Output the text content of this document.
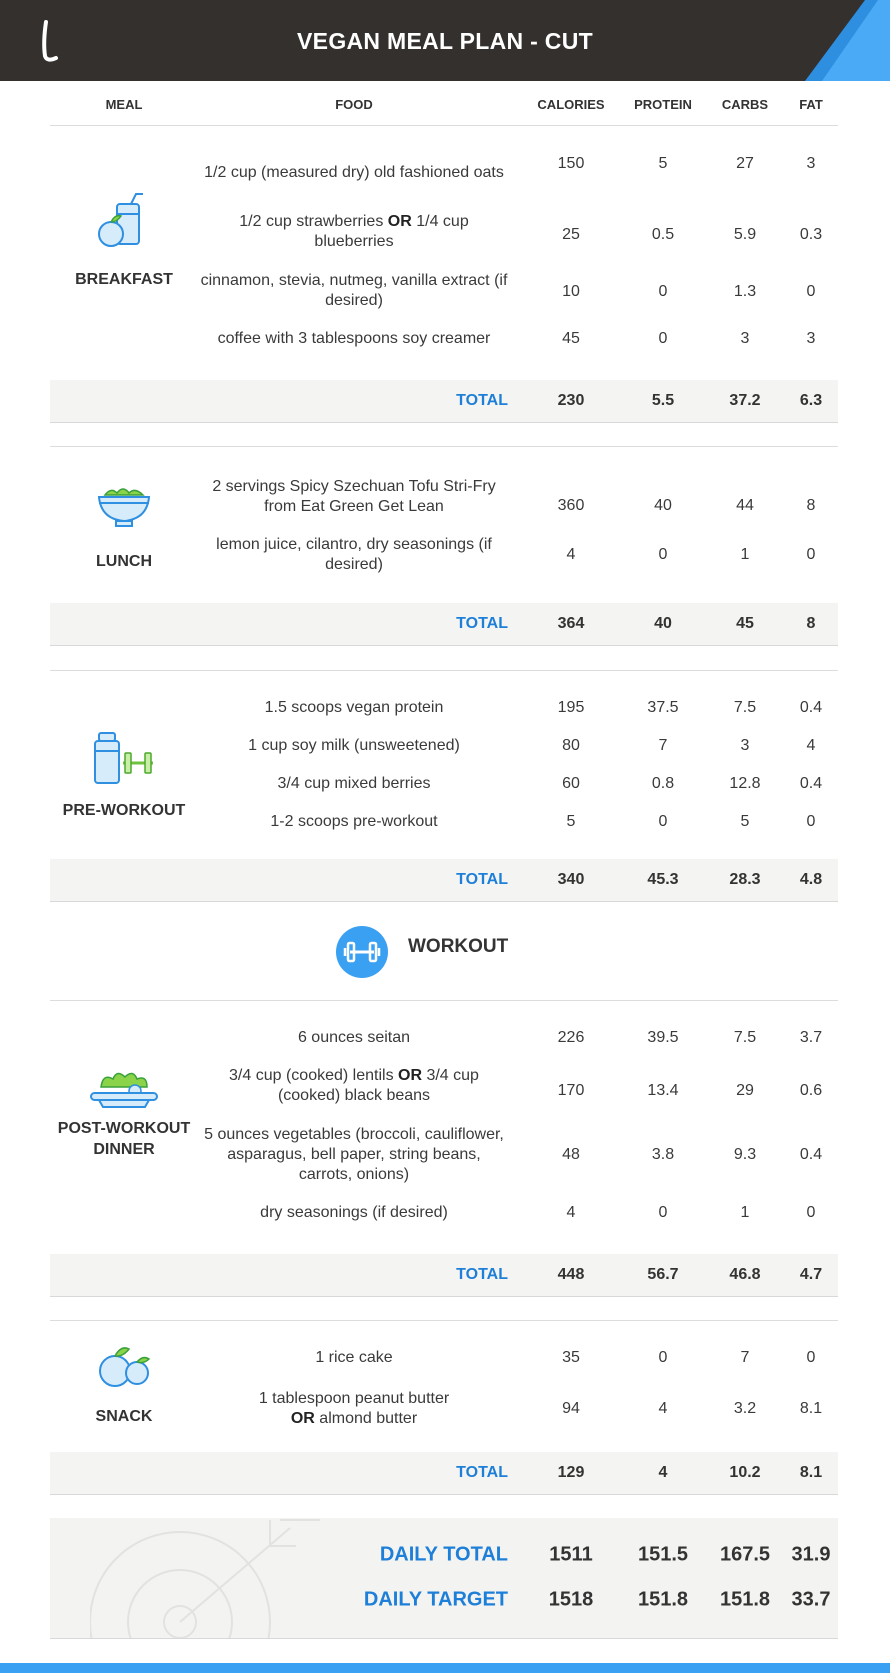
VEGAN MEAL PLAN - CUT
MEAL	FOOD	CALORIES PROTEIN CARBS FAT
BREAKFAST
1/2 cup (measured dry) old fashioned oats
150	5	27	3
1/2 cup strawberries OR 1/4 cup blueberries	25	0.5	5.9	0.3
cinnamon, stevia, nutmeg, vanilla extract (if desired)
10	0	1.3	0
coffee with 3 tablespoons soy creamer	45	0	3	3
TOTAL	230	5.5	37.2 6.3
LUNCH
2 servings Spicy Szechuan Tofu Stri-Fry from Eat Green Get Lean	360	40	44	8
lemon juice, cilantro, dry seasonings (if desired)
4	0	1	0
TOTAL	364	40	45	8
PRE-WORKOUT
1.5 scoops vegan protein	195	37.5	7.5	0.4
1 cup soy milk (unsweetened)	80	7	3	4
3/4 cup mixed berries	60	0.8	12.8 0.4
1-2 scoops pre-workout	5	0	5	0
TOTAL	340	45.3	28.3 4.8
WORKOUT
POST-WORKOUT
DINNER
6 ounces seitan	226	39.5	7.5	3.7
3/4 cup (cooked) lentils OR 3/4 cup (cooked) black beans	170	13.4	29	0.6
5 ounces vegetables (broccoli, cauliflower, asparagus, bell paper, string beans, carrots, onions)
48	3.8	9.3	0.4
dry seasonings (if desired)	4	0	1	0
TOTAL	448	56.7	46.8 4.7
SNACK
1 rice cake	35	0	7	0
1 tablespoon peanut butter OR almond butter
94	4	3.2	8.1
TOTAL	129	4	10.2 8.1
DAILY TOTAL 1511 151.5 167.5 31.9
DAILY TARGET 1518 151.8 151.8 33.7
